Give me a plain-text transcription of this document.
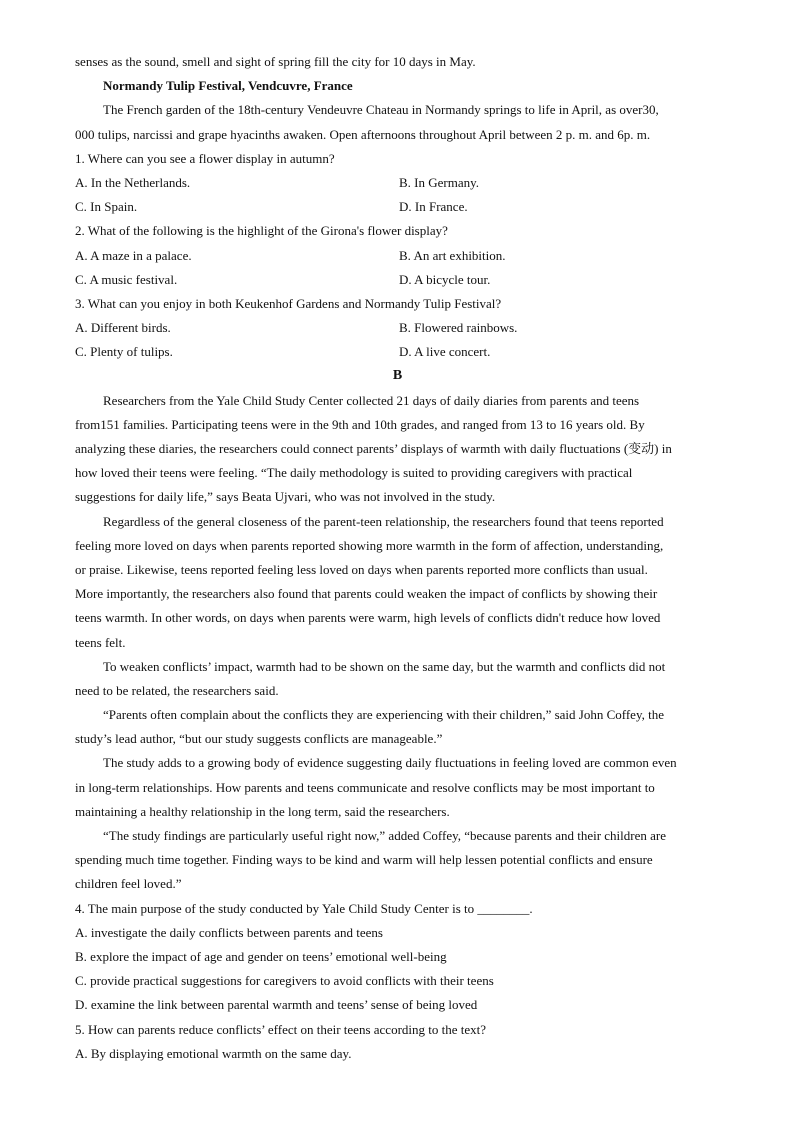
senses as the sound, smell and sight of spring fill the city for 10 days in May.
Normandy Tulip Festival, Vendcuvre, France
The French garden of the 18th-century Vendeuvre Chateau in Normandy springs to life in April, as over30,
000 tulips, narcissi and grape hyacinths awaken. Open afternoons throughout April between 2 p. m. and 6p. m.
1. Where can you see a flower display in autumn?
A. In the Netherlands.	B. In Germany.
C. In Spain.	D. In France.
2. What of the following is the highlight of the Girona's flower display?
A. A maze in a palace.	B. An art exhibition.
C. A music festival.	D. A bicycle tour.
3. What can you enjoy in both Keukenhof Gardens and Normandy Tulip Festival?
A. Different birds.	B. Flowered rainbows.
C. Plenty of tulips.	D. A live concert.
B
Researchers from the Yale Child Study Center collected 21 days of daily diaries from parents and teens
from151 families. Participating teens were in the 9th and 10th grades, and ranged from 13 to 16 years old. By
analyzing these diaries, the researchers could connect parents’ displays of warmth with daily fluctuations (变动) in
how loved their teens were feeling. “The daily methodology is suited to providing caregivers with practical
suggestions for daily life,” says Beata Ujvari, who was not involved in the study.
Regardless of the general closeness of the parent-teen relationship, the researchers found that teens reported
feeling more loved on days when parents reported showing more warmth in the form of affection, understanding,
or praise. Likewise, teens reported feeling less loved on days when parents reported more conflicts than usual.
More importantly, the researchers also found that parents could weaken the impact of conflicts by showing their
teens warmth. In other words, on days when parents were warm, high levels of conflicts didn't reduce how loved
teens felt.
To weaken conflicts’ impact, warmth had to be shown on the same day, but the warmth and conflicts did not
need to be related, the researchers said.
“Parents often complain about the conflicts they are experiencing with their children,” said John Coffey, the
study’s lead author, “but our study suggests conflicts are manageable.”
The study adds to a growing body of evidence suggesting daily fluctuations in feeling loved are common even
in long-term relationships. How parents and teens communicate and resolve conflicts may be most important to
maintaining a healthy relationship in the long term, said the researchers.
“The study findings are particularly useful right now,” added Coffey, “because parents and their children are
spending much time together. Finding ways to be kind and warm will help lessen potential conflicts and ensure
children feel loved.”
4. The main purpose of the study conducted by Yale Child Study Center is to ________.
A. investigate the daily conflicts between parents and teens
B. explore the impact of age and gender on teens’ emotional well-being
C. provide practical suggestions for caregivers to avoid conflicts with their teens
D. examine the link between parental warmth and teens’ sense of being loved
5. How can parents reduce conflicts’ effect on their teens according to the text?
A. By displaying emotional warmth on the same day.
